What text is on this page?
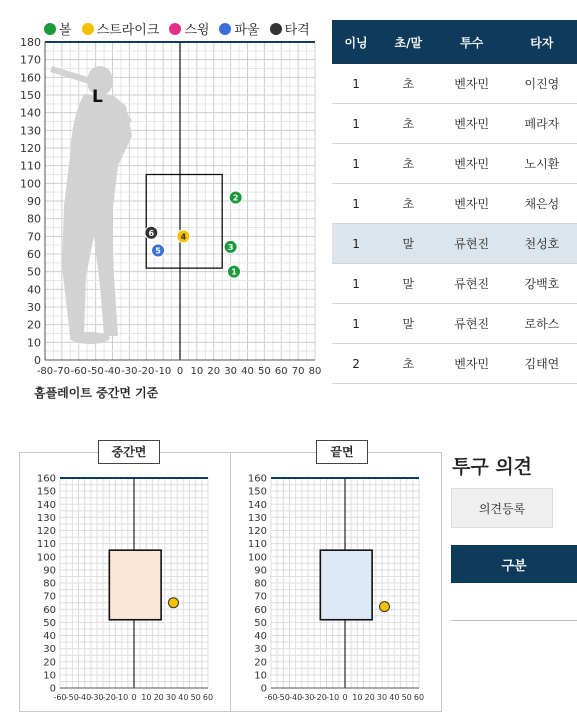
볼	스트라이크	스윙	파울	타격
L
0
10
20
30
40
50
60
70
80
90
100
110
120
130
140
150
160
170
180
-80 -70 -60 -50 -40 -30 -20 -10 0 10 20 30 40 50 60 70 80
1
2
3
4
5
6
홈플레이트 중간면 기준
이닝	초/말	투수	타자
1	초	벤자민	이진영
1	초	벤자민	페라자
1	초	벤자민	노시환
1	초	벤자민	채은성
1	말	류현진	천성호
1	말	류현진	강백호
1	말	류현진	로하스
2	초	벤자민	김태연
0
10
20
30
40
50
60
70
80
90
100
110
120
130
140
150
160
-60 -50 -40 -30 -20 -10 0 10 20 30 40 50 60
0
10
20
30
40
50
60
70
80
90
100
110
120
130
140
150
160
-60 -50 -40 -30 -20 -10 0 10 20 30 40 50 60
중간면	끝면
투구 의견
의견등록
구분
